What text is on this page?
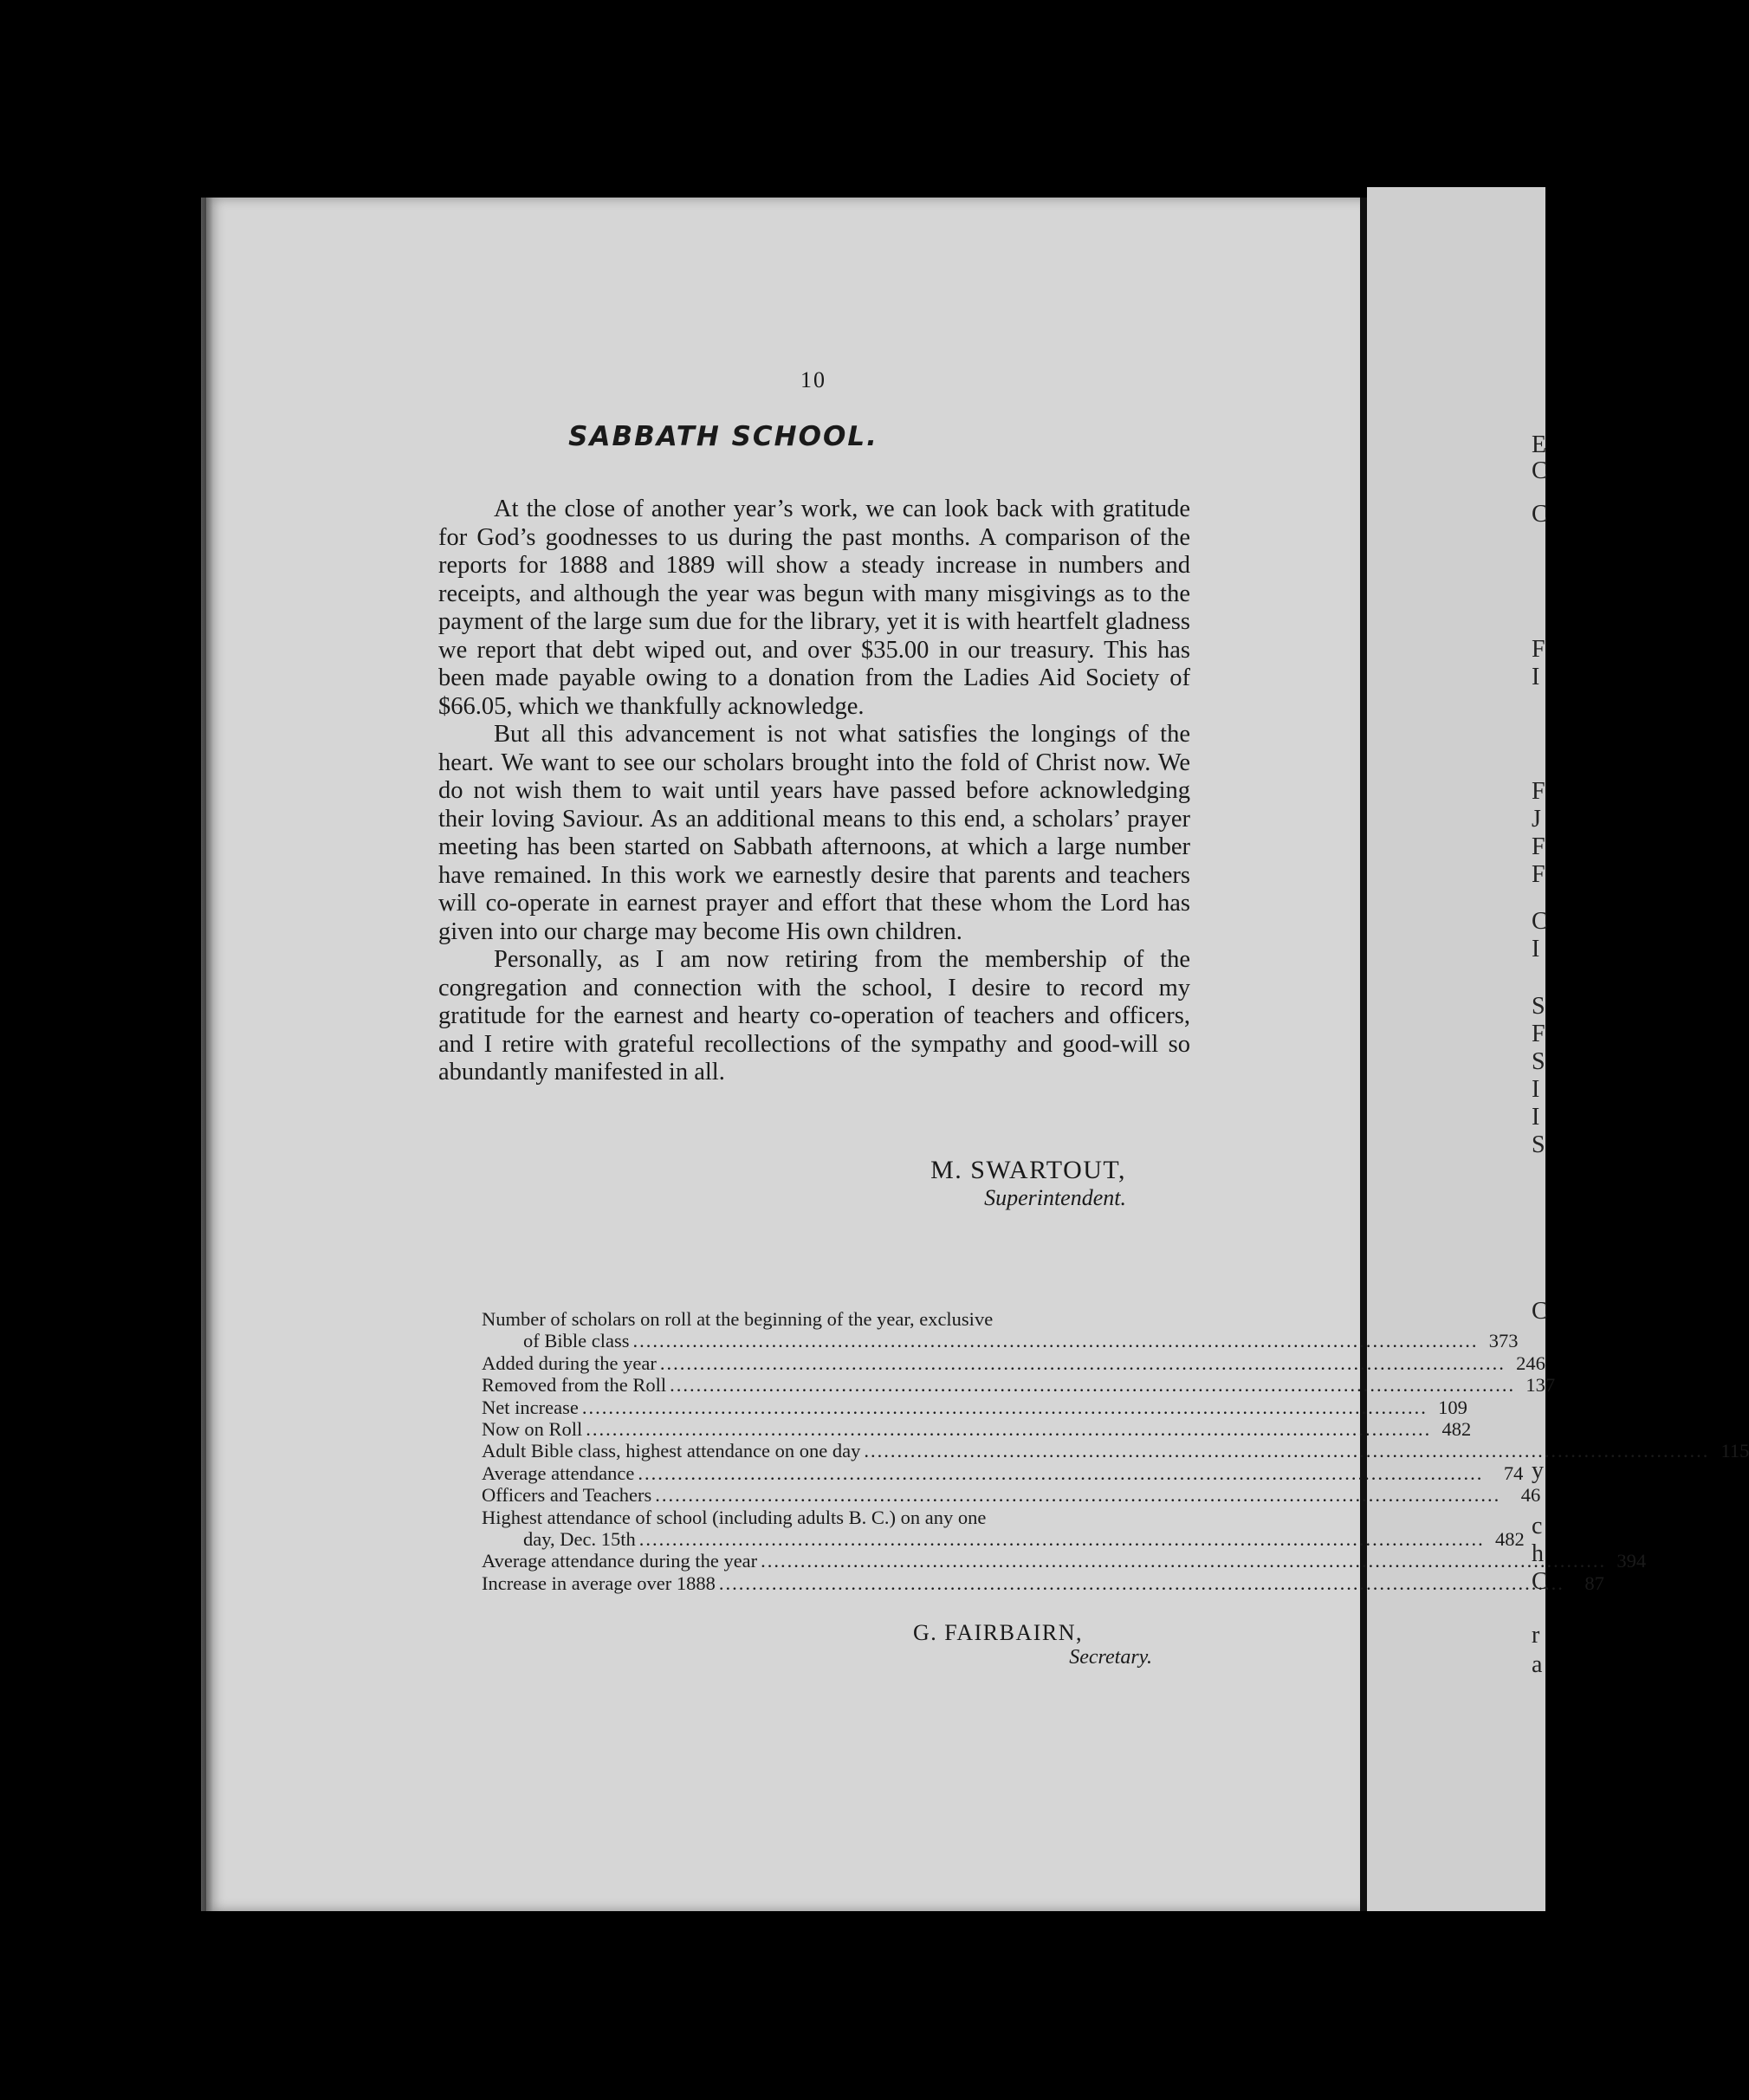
E
C
C
F
I
F
J
F
F
C
I
S
F
S
I
I
S
C
y
c
h
C
r
a
10
SABBATH SCHOOL.

At the close of another year’s work, we can look back with gratitude for God’s goodnesses to us during the past months. A comparison of the reports for 1888 and 1889 will show a steady increase in numbers and receipts, and although the year was begun with many misgivings as to the payment of the large sum due for the library, yet it is with heartfelt gladness we report that debt wiped out, and over $35.00 in our treasury. This has been made payable owing to a donation from the Ladies Aid Society of $66.05, which we thankfully acknowledge.

But all this advancement is not what satisfies the longings of the heart. We want to see our scholars brought into the fold of Christ now. We do not wish them to wait until years have passed before acknowledging their loving Saviour. As an additional means to this end, a scholars’ prayer meeting has been started on Sabbath afternoons, at which a large number have remained. In this work we earnestly desire that parents and teachers will co-operate in earnest prayer and effort that these whom the Lord has given into our charge may become His own children.

Personally, as I am now retiring from the membership of the congregation and connection with the school, I desire to record my gratitude for the earnest and hearty co-operation of teachers and officers, and I retire with grateful recollections of the sympathy and good-will so abundantly manifested in all.

M. SWARTOUT,
Superintendent.
Number of scholars on roll at the beginning of the year, exclusive
of Bible class .....	373
Added during the year .....	246
Removed from the Roll .....	137
Net increase .....	109
Now on Roll .....	482
Adult Bible class, highest attendance on one day .....	115
Average attendance .....	74
Officers and Teachers .....	46
Highest attendance of school (including adults B. C.) on any one
day, Dec. 15th .....	482
Average attendance during the year .....	394
Increase in average over 1888 .....	87
G. FAIRBAIRN,
Secretary.
